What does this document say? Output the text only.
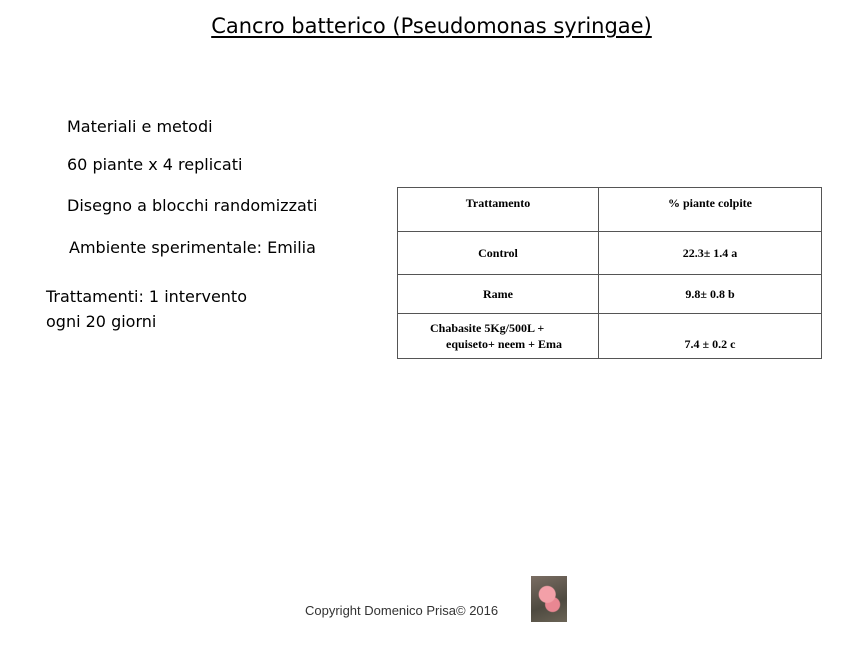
Cancro batterico (Pseudomonas syringae)
Materiali e metodi
60 piante x 4 replicati
Disegno a blocchi randomizzati
Ambiente sperimentale: Emilia
Trattamenti: 1 intervento
ogni 20 giorni
Trattamento	% piante colpite
Control	22.3± 1.4 a
Rame	9.8± 0.8 b

Chabasite 5Kg/500L +
equiseto+ neem + Ema	7.4 ± 0.2 c
Copyright Domenico Prisa© 2016
